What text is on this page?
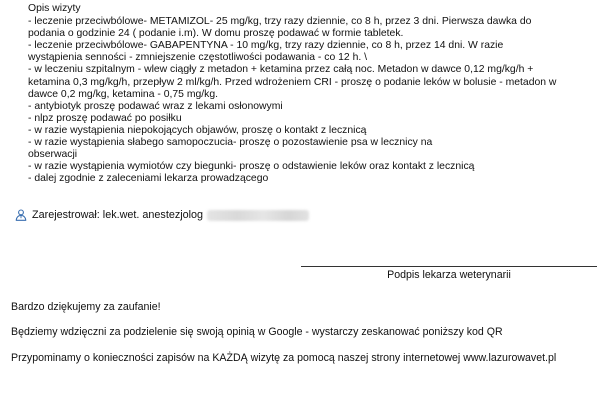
Opis wizyty
- leczenie przeciwbólowe- METAMIZOL- 25 mg/kg, trzy razy dziennie, co 8 h, przez 3 dni. Pierwsza dawka do
podania o godzinie 24 ( podanie i.m). W domu proszę podawać w formie tabletek.
- leczenie przeciwbólowe- GABAPENTYNA - 10 mg/kg, trzy razy dziennie, co 8 h, przez 14 dni. W razie
wystąpienia senności - zmniejszenie częstotliwości podawania - co 12 h. \
- w leczeniu szpitalnym - wlew ciągły z metadon + ketamina przez całą noc. Metadon w dawce 0,12 mg/kg/h +
ketamina 0,3 mg/kg/h, przepływ 2 ml/kg/h. Przed wdrożeniem CRI - proszę o podanie leków w bolusie - metadon w
dawce 0,2 mg/kg, ketamina - 0,75 mg/kg.
- antybiotyk proszę podawać wraz z lekami osłonowymi
- nlpz proszę podawać po posiłku
- w razie wystąpienia niepokojących objawów, proszę o kontakt z lecznicą
- w razie wystąpienia słabego samopoczucia- proszę o pozostawienie psa w lecznicy na
obserwacji
- w razie wystąpienia wymiotów czy biegunki- proszę o odstawienie leków oraz kontakt z lecznicą
- dalej zgodnie z zaleceniami lekarza prowadzącego
Zarejestrował: lek.wet. anestezjolog
Podpis lekarza weterynarii
Bardzo dziękujemy za zaufanie!
Będziemy wdzięczni za podzielenie się swoją opinią w Google - wystarczy zeskanować poniższy kod QR
Przypominamy o konieczności zapisów na KAŻDĄ wizytę za pomocą naszej strony internetowej www.lazurowavet.pl
